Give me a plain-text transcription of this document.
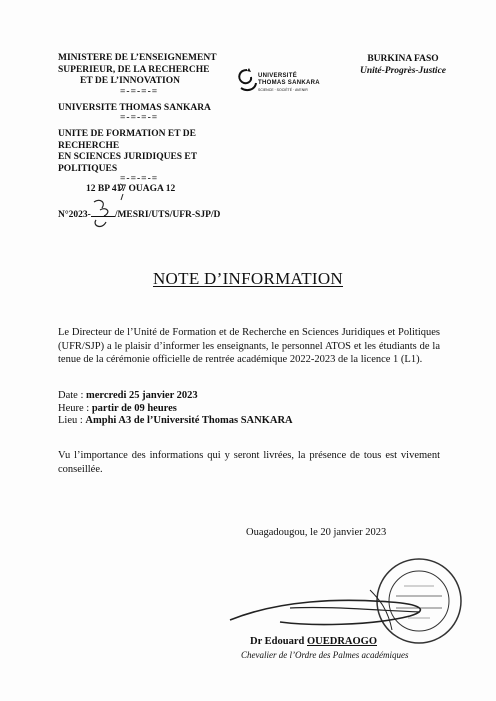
MINISTERE DE L’ENSEIGNEMENT
SUPERIEUR, DE LA RECHERCHE
ET DE L’INNOVATION
=-=-=-=
UNIVERSITE THOMAS SANKARA
=-=-=-=
UNITE DE FORMATION ET DE RECHERCHE
EN SCIENCES JURIDIQUES ET POLITIQUES
=-=-=-=
12 BP 417 OUAGA 12
UNIVERSITÉ
THOMAS SANKARA
SCIENCE · SOCIÉTÉ · AVENIR
BURKINA FASO
Unité-Progrès-Justice
N°2023-	/MESRI/UTS/UFR-SJP/D
NOTE D’INFORMATION
Le Directeur de l’Unité de Formation et de Recherche en Sciences Juridiques et Politiques (UFR/SJP) a le plaisir d’informer les enseignants, le personnel ATOS et les étudiants de la tenue de la cérémonie officielle de rentrée académique 2022-2023 de la licence 1 (L1).
Date : mercredi 25 janvier 2023
Heure : partir de 09 heures
Lieu : Amphi A3 de l’Université Thomas SANKARA
Vu l’importance des informations qui y seront livrées, la présence de tous est vivement conseillée.
Ouagadougou, le 20 janvier 2023
Dr Edouard OUEDRAOGO
Chevalier de l’Ordre des Palmes académiques
